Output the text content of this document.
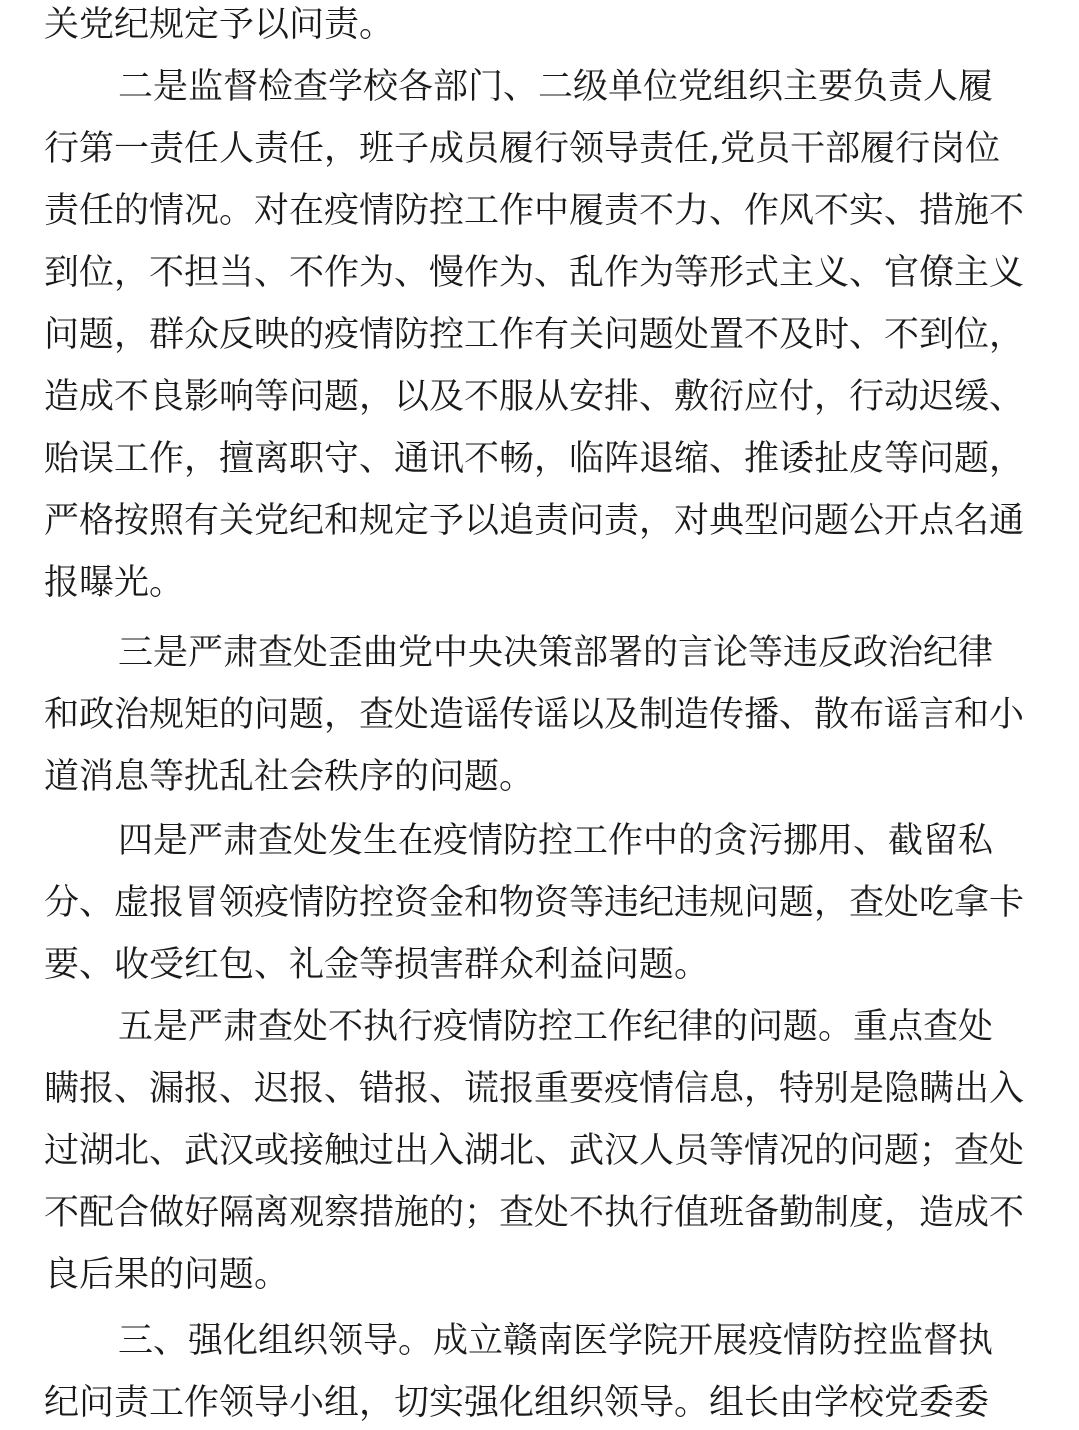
关党纪规定予以问责。
二是监督检查学校各部门、二级单位党组织主要负责人履
行第一责任人责任，班子成员履行领导责任,党员干部履行岗位
责任的情况。对在疫情防控工作中履责不力、作风不实、措施不
到位，不担当、不作为、慢作为、乱作为等形式主义、官僚主义
问题，群众反映的疫情防控工作有关问题处置不及时、不到位，
造成不良影响等问题，以及不服从安排、敷衍应付，行动迟缓、
贻误工作，擅离职守、通讯不畅，临阵退缩、推诿扯皮等问题，
严格按照有关党纪和规定予以追责问责，对典型问题公开点名通
报曝光。
三是严肃查处歪曲党中央决策部署的言论等违反政治纪律
和政治规矩的问题，查处造谣传谣以及制造传播、散布谣言和小
道消息等扰乱社会秩序的问题。
四是严肃查处发生在疫情防控工作中的贪污挪用、截留私
分、虚报冒领疫情防控资金和物资等违纪违规问题，查处吃拿卡
要、收受红包、礼金等损害群众利益问题。
五是严肃查处不执行疫情防控工作纪律的问题。重点查处
瞒报、漏报、迟报、错报、谎报重要疫情信息，特别是隐瞒出入
过湖北、武汉或接触过出入湖北、武汉人员等情况的问题；查处
不配合做好隔离观察措施的；查处不执行值班备勤制度，造成不
良后果的问题。
三、强化组织领导。成立赣南医学院开展疫情防控监督执
纪问责工作领导小组，切实强化组织领导。组长由学校党委委
